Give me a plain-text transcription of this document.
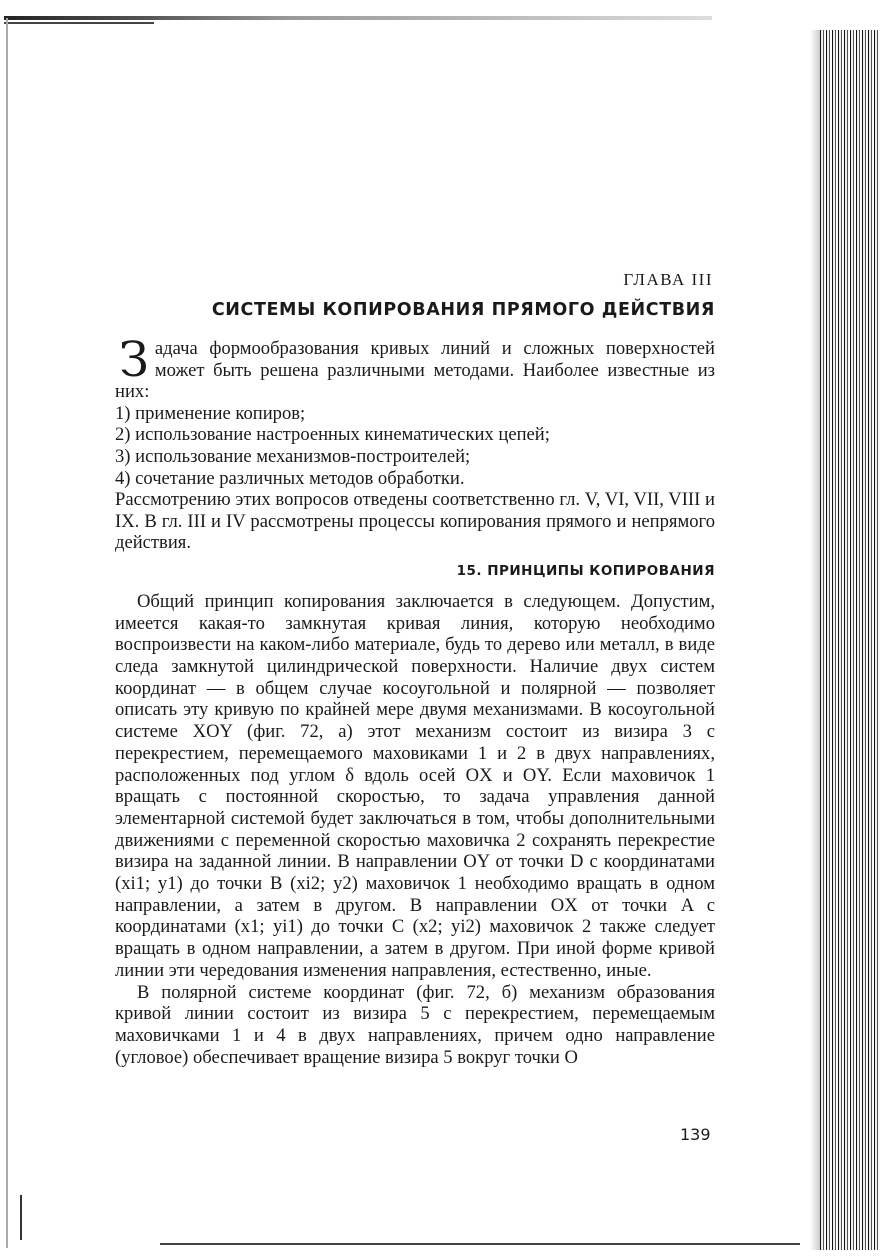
ГЛАВА III
СИСТЕМЫ КОПИРОВАНИЯ ПРЯМОГО ДЕЙСТВИЯ
З адача формообразования кривых линий и сложных поверхностей может быть решена различными методами. Наиболее известные из них:
1) применение копиров;
2) использование настроенных кинематических цепей;
3) использование механизмов-построителей;
4) сочетание различных методов обработки.
Рассмотрению этих вопросов отведены соответственно гл. V, VI, VII, VIII и IX. В гл. III и IV рассмотрены процессы копирования прямого и непрямого действия.
15. ПРИНЦИПЫ КОПИРОВАНИЯ
Общий принцип копирования заключается в следующем. Допустим, имеется какая-то замкнутая кривая линия, которую необходимо воспроизвести на каком-либо материале, будь то дерево или металл, в виде следа замкнутой цилиндрической поверхности. Наличие двух систем координат — в общем случае косоугольной и полярной — позволяет описать эту кривую по крайней мере двумя механизмами. В косоугольной системе XOY (фиг. 72, а) этот механизм состоит из визира 3 с перекрестием, перемещаемого маховиками 1 и 2 в двух направлениях, расположенных под углом δ вдоль осей OX и OY. Если маховичок 1 вращать с постоянной скоростью, то задача управления данной элементарной системой будет заключаться в том, чтобы дополнительными движениями с переменной скоростью маховичка 2 сохранять перекрестие визира на заданной линии. В направлении OY от точки D с координатами (xi1; y1) до точки B (xi2; y2) маховичок 1 необходимо вращать в одном направлении, а затем в другом. В направлении OX от точки A с координатами (x1; yi1) до точки C (x2; yi2) маховичок 2 также следует вращать в одном направлении, а затем в другом. При иной форме кривой линии эти чередования изменения направления, естественно, иные.
В полярной системе координат (фиг. 72, б) механизм образования кривой линии состоит из визира 5 с перекрестием, перемещаемым маховичками 1 и 4 в двух направлениях, причем одно направление (угловое) обеспечивает вращение визира 5 вокруг точки O
139
